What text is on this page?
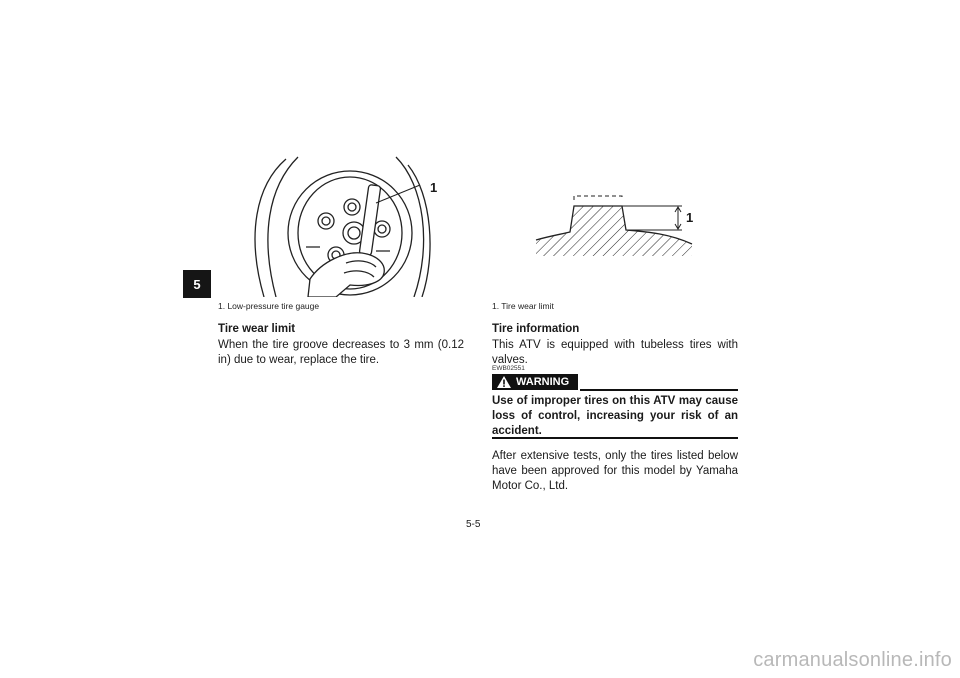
5
1
1. Low-pressure tire gauge
Tire wear limit
When the tire groove decreases to 3 mm (0.12 in) due to wear, replace the tire.
1
1. Tire wear limit
Tire information
This ATV is equipped with tubeless tires with valves.
EWB02551
WARNING
Use of improper tires on this ATV may cause loss of control, increasing your risk of an accident.
After extensive tests, only the tires listed below have been approved for this model by Yamaha Motor Co., Ltd.
5-5
carmanualsonline.info
